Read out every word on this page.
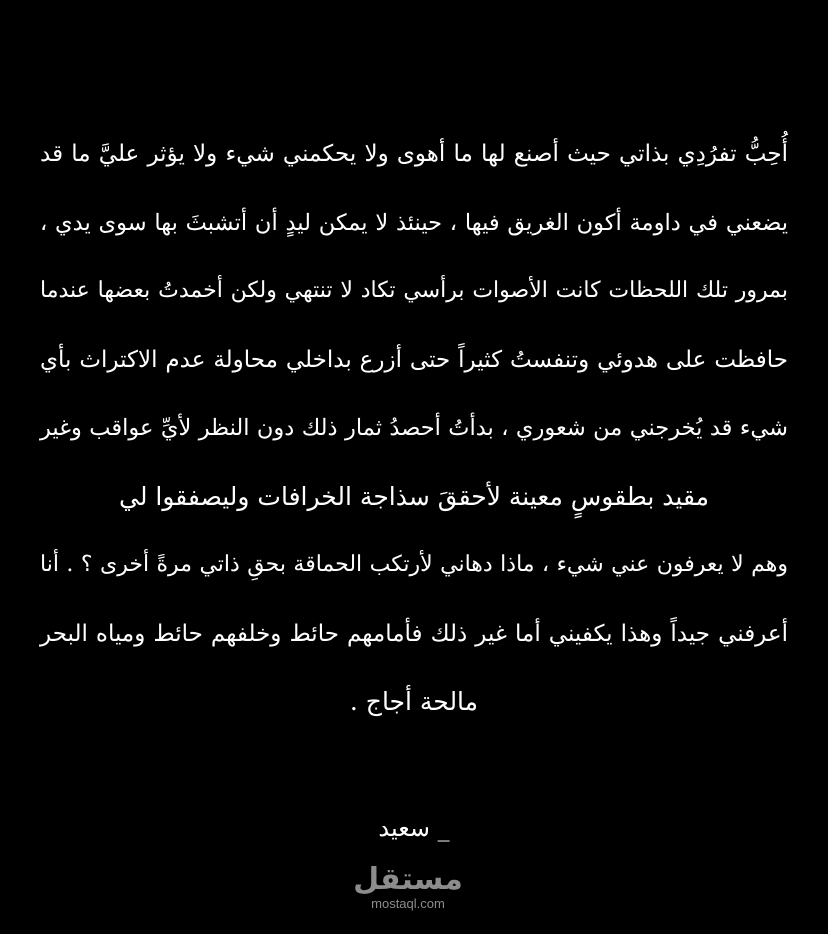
أُحِبُّ تفرُدِي بذاتي حيث أصنع لها ما أهوى ولا يحكمني شيء ولا يؤثر عليَّ ما قد
يضعني في داومة أكون الغريق فيها ، حينئذ لا يمكن ليدٍ أن أتشبثَ بها سوى يدي ،
بمرور تلك اللحظات كانت الأصوات برأسي تكاد لا تنتهي ولكن أخمدتُ بعضها عندما
حافظت على هدوئي وتنفستُ كثيراً حتى أزرع بداخلي محاولة عدم الاكتراث بأي
شيء قد يُخرجني من شعوري ، بدأتُ أحصدُ ثمار ذلك دون النظر لأيِّ عواقب وغير
مقيد بطقوسٍ معينة لأحققَ سذاجة الخرافات وليصفقوا لي
وهم لا يعرفون عني شيء ، ماذا دهاني لأرتكب الحماقة بحقِ ذاتي مرةً أخرى ؟ . أنا
أعرفني جيداً وهذا يكفيني أما غير ذلك فأمامهم حائط وخلفهم حائط ومياه البحر
مالحة أجاج .
_ سعيد
مستقل
mostaql.com
